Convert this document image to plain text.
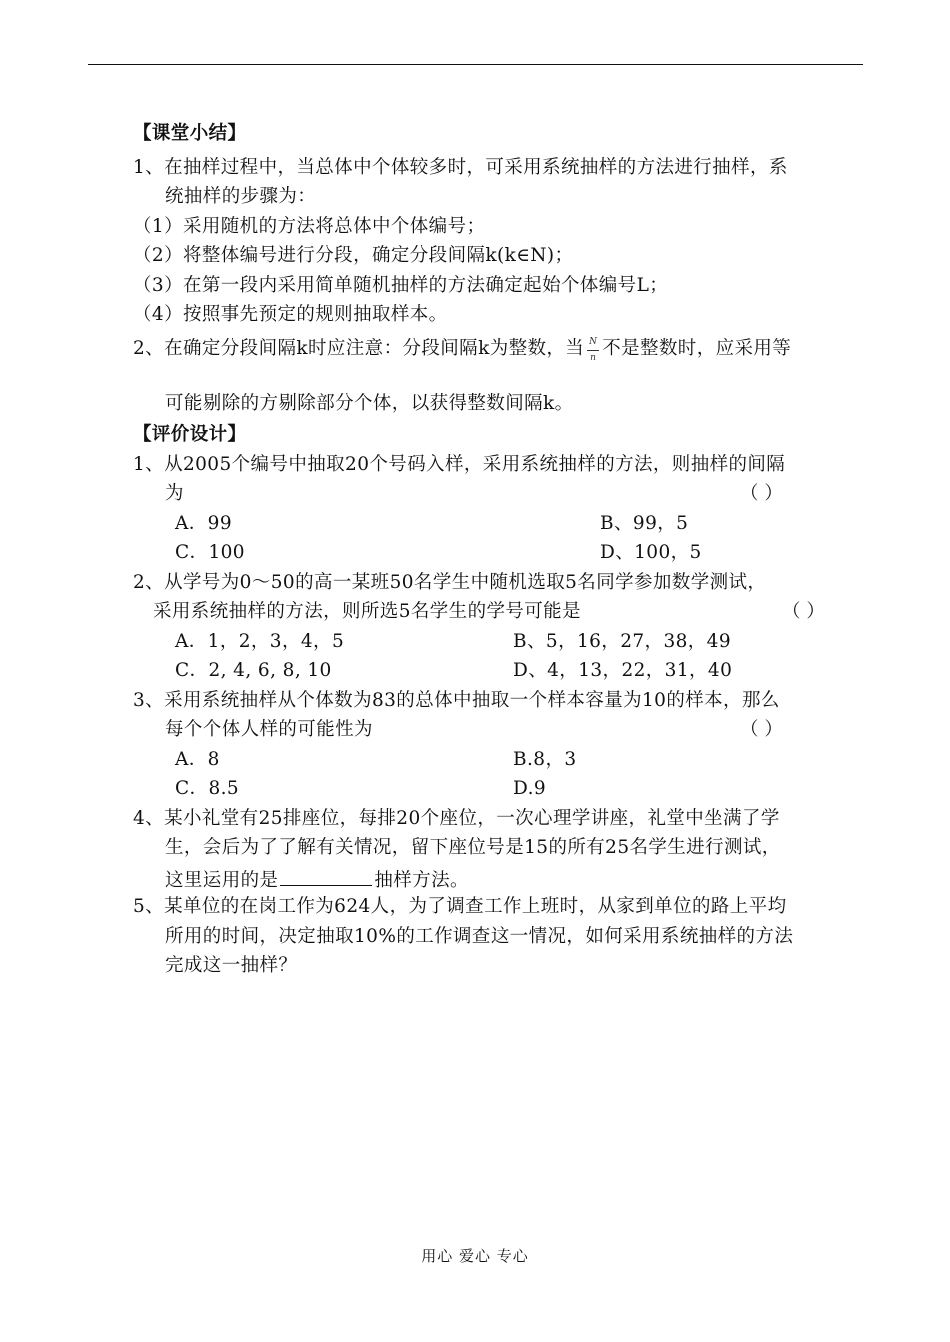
【课堂小结】
1、在抽样过程中，当总体中个体较多时，可采用系统抽样的方法进行抽样，系
统抽样的步骤为：
（1）采用随机的方法将总体中个体编号；
（2）将整体编号进行分段，确定分段间隔k(k∈N)；
（3）在第一段内采用简单随机抽样的方法确定起始个体编号L；
（4）按照事先预定的规则抽取样本。
2、在确定分段间隔k时应注意：分段间隔k为整数，当 $\frac{N}{n}$ 不是整数时，应采用等
可能剔除的方剔除部分个体，以获得整数间隔k。
【评价设计】
1、从2005个编号中抽取20个号码入样，采用系统抽样的方法，则抽样的间隔
为	（ ）
A．99	B、99，5
C．100	D、100，5
2、从学号为0～50的高一某班50名学生中随机选取5名同学参加数学测试，
采用系统抽样的方法，则所选5名学生的学号可能是	（ ）
A．1，2，3，4，5	B、5，16，27，38，49
C．2, 4, 6, 8, 10	D、4，13，22，31，40
3、采用系统抽样从个体数为83的总体中抽取一个样本容量为10的样本，那么
每个个体人样的可能性为	（ ）
A．8	B.8，3
C．8.5	D.9
4、某小礼堂有25排座位，每排20个座位，一次心理学讲座，礼堂中坐满了学
生，会后为了了解有关情况，留下座位号是15的所有25名学生进行测试，
这里运用的是	抽样方法。
5、某单位的在岗工作为624人，为了调查工作上班时，从家到单位的路上平均
所用的时间，决定抽取10%的工作调查这一情况，如何采用系统抽样的方法
完成这一抽样？
用心 爱心 专心
